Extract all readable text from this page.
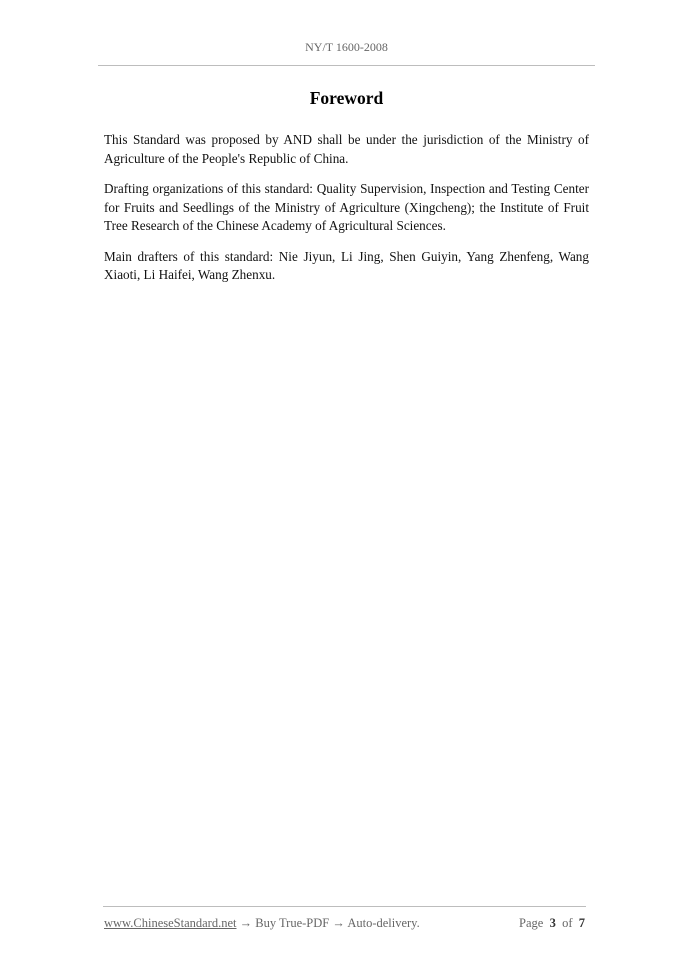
NY/T 1600-2008
Foreword

This Standard was proposed by AND shall be under the jurisdiction of the Ministry of Agriculture of the People's Republic of China.

Drafting organizations of this standard: Quality Supervision, Inspection and Testing Center for Fruits and Seedlings of the Ministry of Agriculture (Xingcheng); the Institute of Fruit Tree Research of the Chinese Academy of Agricultural Sciences.

Main drafters of this standard: Nie Jiyun, Li Jing, Shen Guiyin, Yang Zhenfeng, Wang Xiaoti, Li Haifei, Wang Zhenxu.

www.ChineseStandard.net → Buy True-PDF → Auto-delivery.	Page 3 of 7
